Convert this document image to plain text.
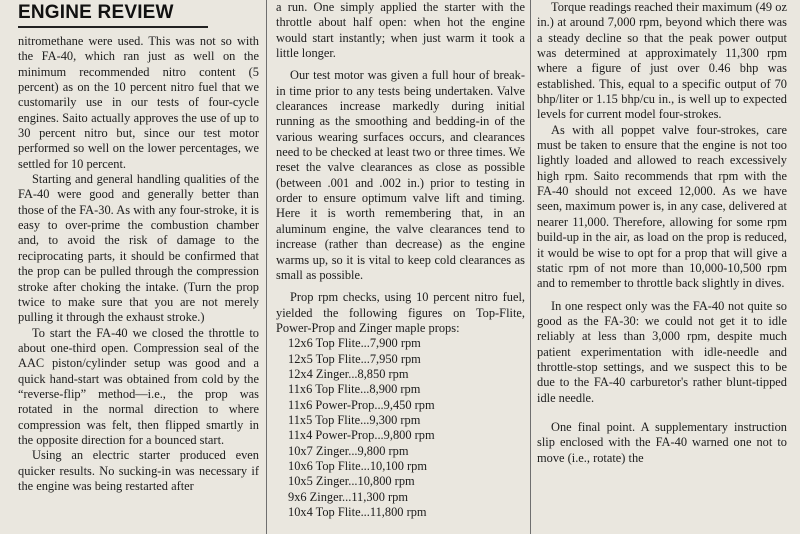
ENGINE REVIEW

nitromethane were used. This was not so with the FA-40, which ran just as well on the minimum recommended nitro content (5 percent) as on the 10 percent nitro fuel that we customarily use in our tests of four-cycle engines. Saito actually approves the use of up to 30 percent nitro but, since our test motor performed so well on the lower percentages, we settled for 10 percent.

Starting and general handling qualities of the FA-40 were good and generally better than those of the FA-30. As with any four-stroke, it is easy to over-prime the combustion chamber and, to avoid the risk of damage to the reciprocating parts, it should be confirmed that the prop can be pulled through the compression stroke after choking the intake. (Turn the prop twice to make sure that you are not merely pulling it through the exhaust stroke.)

To start the FA-40 we closed the throttle to about one-third open. Compression seal of the AAC piston/cylinder setup was good and a quick hand-start was obtained from cold by the “reverse-flip” method—i.e., the prop was rotated in the normal direction to where compression was felt, then flipped smartly in the opposite direction for a bounced start.

Using an electric starter produced even quicker results. No sucking-in was necessary if the engine was being restarted after

a run. One simply applied the starter with the throttle about half open: when hot the engine would start instantly; when just warm it took a little longer.

Our test motor was given a full hour of break-in time prior to any tests being undertaken. Valve clearances increase markedly during initial running as the smoothing and bedding-in of the various wearing surfaces occurs, and clearances need to be checked at least two or three times. We reset the valve clearances as close as possible (between .001 and .002 in.) prior to testing in order to ensure optimum valve lift and timing. Here it is worth remembering that, in an aluminum engine, the valve clearances tend to increase (rather than decrease) as the engine warms up, so it is vital to keep cold clearances as small as possible.

Prop rpm checks, using 10 percent nitro fuel, yielded the following figures on Top-Flite, Power-Prop and Zinger maple props:

12x6 Top Flite...7,900 rpm
12x5 Top Flite...7,950 rpm
12x4 Zinger...8,850 rpm
11x6 Top Flite...8,900 rpm
11x6 Power-Prop...9,450 rpm
11x5 Top Flite...9,300 rpm
11x4 Power-Prop...9,800 rpm
10x7 Zinger...9,800 rpm
10x6 Top Flite...10,100 rpm
10x5 Zinger...10,800 rpm
9x6 Zinger...11,300 rpm
10x4 Top Flite...11,800 rpm

Torque readings reached their maximum (49 oz in.) at around 7,000 rpm, beyond which there was a steady decline so that the peak power output was determined at approximately 11,300 rpm where a figure of just over 0.46 bhp was established. This, equal to a specific output of 70 bhp/liter or 1.15 bhp/cu in., is well up to expected levels for current model four-strokes.

As with all poppet valve four-strokes, care must be taken to ensure that the engine is not too lightly loaded and allowed to reach excessively high rpm. Saito recommends that rpm with the FA-40 should not exceed 12,000. As we have seen, maximum power is, in any case, delivered at nearer 11,000. Therefore, allowing for some rpm build-up in the air, as load on the prop is reduced, it would be wise to opt for a prop that will give a static rpm of not more than 10,000-10,500 rpm and to remember to throttle back slightly in dives.

In one respect only was the FA-40 not quite so good as the FA-30: we could not get it to idle reliably at less than 3,000 rpm, despite much patient experimentation with idle-needle and throttle-stop settings, and we suspect this to be due to the FA-40 carburetor's rather blunt-tipped idle needle.

One final point. A supplementary instruction slip enclosed with the FA-40 warned one not to move (i.e., rotate) the
